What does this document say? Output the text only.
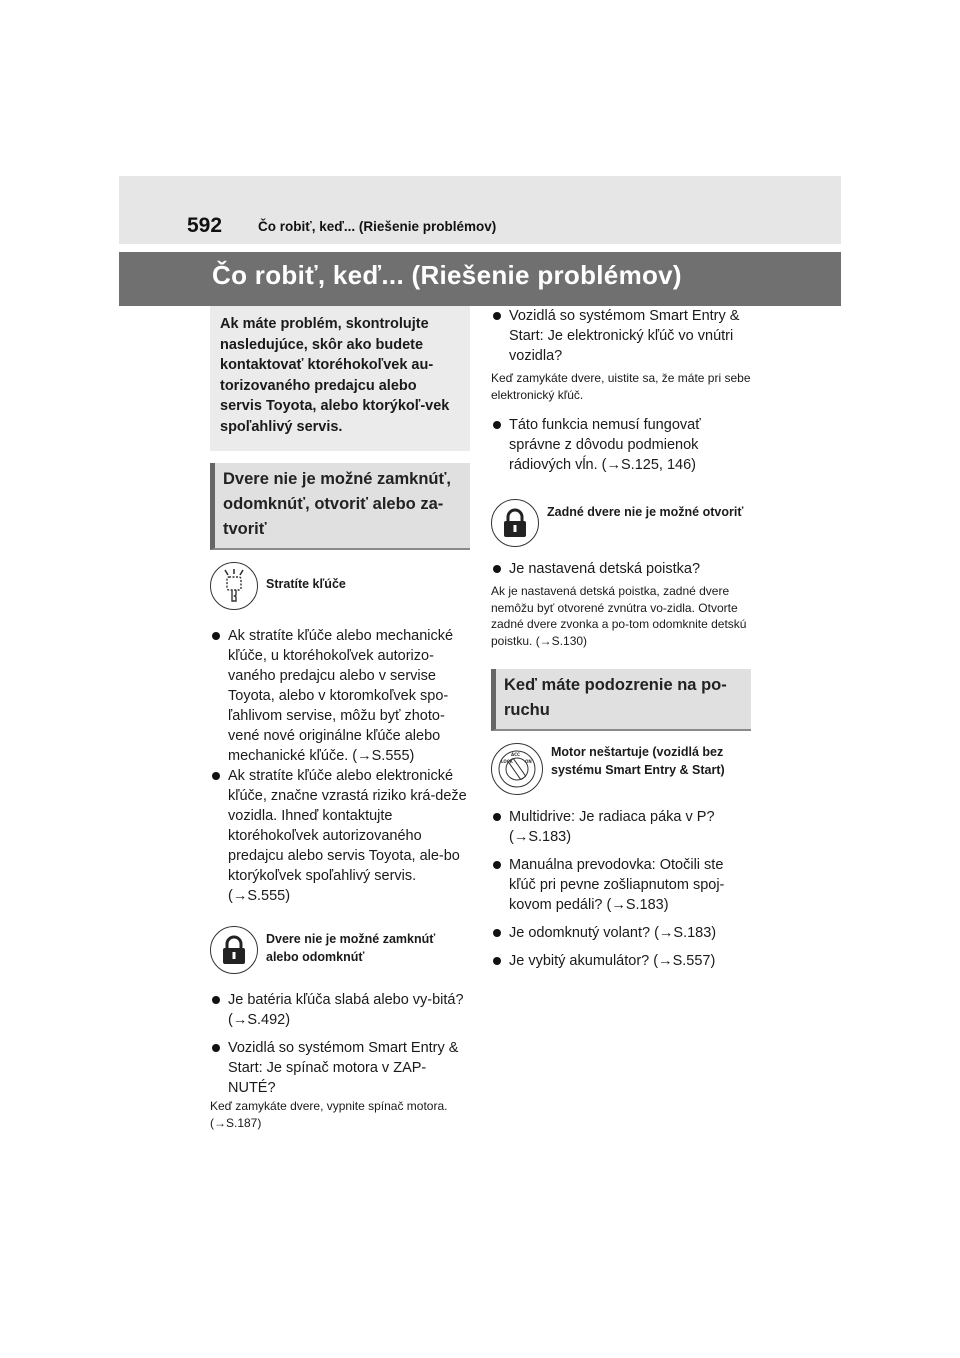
592	Čo robiť, keď... (Riešenie problémov)
Čo robiť, keď... (Riešenie problémov)
Ak máte problém, skontrolujte nasledujúce, skôr ako budete kontaktovať ktoréhokoľvek au-torizovaného predajcu alebo servis Toyota, alebo ktorýkoľ-vek spoľahlivý servis.
Dvere nie je možné zamknúť, odomknúť, otvoriť alebo za-tvoriť
Stratíte kľúče
Ak stratíte kľúče alebo mechanické kľúče, u ktoréhokoľvek autorizo-vaného predajcu alebo v servise Toyota, alebo v ktoromkoľvek spo-ľahlivom servise, môžu byť zhoto-vené nové originálne kľúče alebo mechanické kľúče. (→S.555)
Ak stratíte kľúče alebo elektronické kľúče, značne vzrastá riziko krá-deže vozidla. Ihneď kontaktujte ktoréhokoľvek autorizovaného predajcu alebo servis Toyota, ale-bo ktorýkoľvek spoľahlivý servis. (→S.555)
Dvere nie je možné zamknúť alebo odomknúť
Je batéria kľúča slabá alebo vy-bitá? (→S.492)
Vozidlá so systémom Smart Entry & Start: Je spínač motora v ZAP-NUTÉ?
Keď zamykáte dvere, vypnite spínač motora. (→S.187)
Vozidlá so systémom Smart Entry & Start: Je elektronický kľúč vo vnútri vozidla?
Keď zamykáte dvere, uistite sa, že máte pri sebe elektronický kľúč.
Táto funkcia nemusí fungovať správne z dôvodu podmienok rádiových vĺn. (→S.125, 146)
Zadné dvere nie je možné otvoriť
Je nastavená detská poistka?
Ak je nastavená detská poistka, zadné dvere nemôžu byť otvorené zvnútra vo-zidla. Otvorte zadné dvere zvonka a po-tom odomknite detskú poistku. (→S.130)
Keď máte podozrenie na po-ruchu
ACC
ON
LOCK
Motor neštartuje (vozidlá bez systému Smart Entry & Start)
Multidrive: Je radiaca páka v P? (→S.183)
Manuálna prevodovka: Otočili ste kľúč pri pevne zošliapnutom spoj-kovom pedáli? (→S.183)
Je odomknutý volant? (→S.183)
Je vybitý akumulátor? (→S.557)
